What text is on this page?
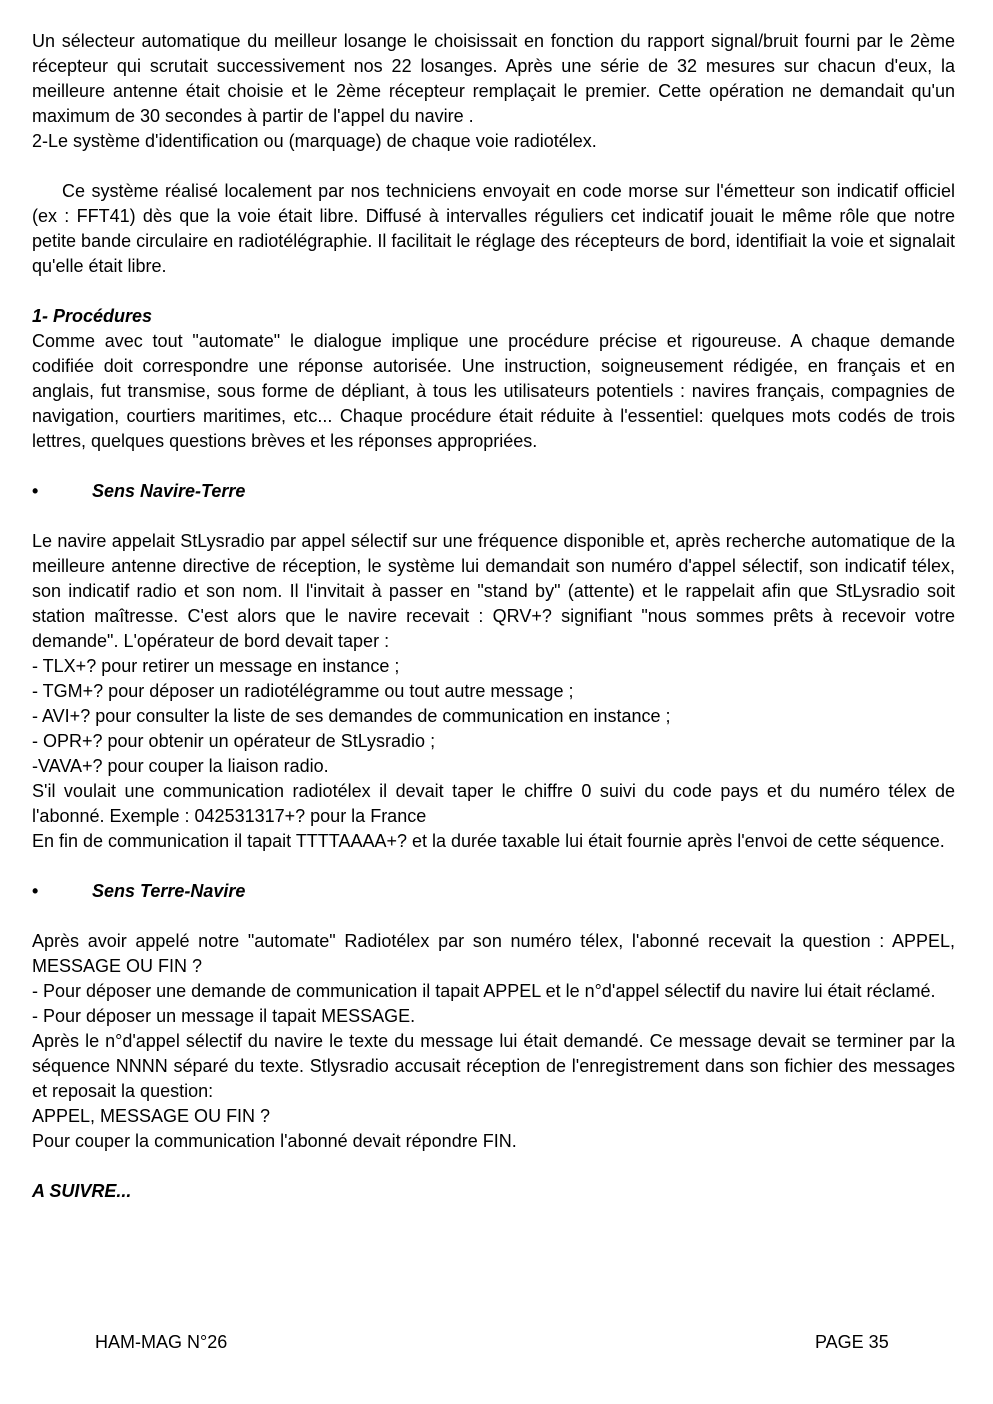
Un sélecteur automatique du meilleur losange le choisissait en fonction du rapport signal/bruit fourni par le 2ème récepteur qui scrutait successivement nos 22 losanges. Après une série de 32 mesures sur chacun d'eux, la meilleure antenne était choisie et le 2ème récepteur remplaçait le premier. Cette opération ne demandait qu'un maximum de 30 secondes à partir de l'appel du navire .

2-Le système d'identification ou (marquage) de chaque voie radiotélex.

Ce système réalisé localement par nos techniciens envoyait en code morse sur l'émetteur son indicatif officiel (ex : FFT41) dès que la voie était libre. Diffusé à intervalles réguliers cet indicatif jouait le même rôle que notre petite bande circulaire en radiotélégraphie. Il facilitait le réglage des récepteurs de bord, identifiait la voie et signalait qu'elle était libre.

1- Procédures

Comme avec tout "automate" le dialogue implique une procédure précise et rigoureuse. A chaque demande codifiée doit correspondre une réponse autorisée. Une instruction, soigneusement rédigée, en français et en anglais, fut transmise, sous forme de dépliant, à tous les utilisateurs potentiels : navires français, compagnies de navigation, courtiers maritimes, etc... Chaque procédure était réduite à l'essentiel: quelques mots codés de trois lettres, quelques questions brèves et les réponses appropriées.

•	Sens Navire-Terre

Le navire appelait StLysradio par appel sélectif sur une fréquence disponible et, après recherche automatique de la meilleure antenne directive de réception, le système lui demandait son numéro d'appel sélectif, son indicatif télex, son indicatif radio et son nom. Il l'invitait à passer en "stand by" (attente) et le rappelait afin que StLysradio soit station maîtresse. C'est alors que le navire recevait : QRV+? signifiant "nous sommes prêts à recevoir votre demande". L'opérateur de bord devait taper :

- TLX+? pour retirer un message en instance ;

- TGM+? pour déposer un radiotélégramme ou tout autre message ;

- AVI+? pour consulter la liste de ses demandes de communication en instance ;

- OPR+? pour obtenir un opérateur de StLysradio ;

-VAVA+? pour couper la liaison radio.

S'il voulait une communication radiotélex il devait taper le chiffre 0 suivi du code pays et du numéro télex de l'abonné. Exemple : 042531317+? pour la France

En fin de communication il tapait TTTTAAAA+? et la durée taxable lui était fournie après l'envoi de cette séquence.

•	Sens Terre-Navire

Après avoir appelé notre "automate" Radiotélex par son numéro télex, l'abonné recevait la question : APPEL, MESSAGE OU FIN ?

- Pour déposer une demande de communication il tapait APPEL et le n°d'appel sélectif du navire lui était réclamé.

- Pour déposer un message il tapait MESSAGE.

Après le n°d'appel sélectif du navire le texte du message lui était demandé. Ce message devait se terminer par la séquence NNNN séparé du texte. Stlysradio accusait réception de l'enregistrement dans son fichier des messages et reposait la question:

APPEL, MESSAGE OU FIN ?

Pour couper la communication l'abonné devait répondre FIN.

A SUIVRE...

HAM-MAG N°26	PAGE 35
